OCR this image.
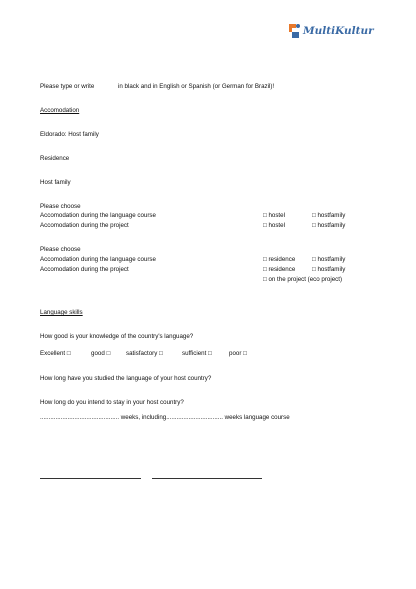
MultiKultur
Please type or write	in black and in English or Spanish (or German for Brazil)!
Accomodation
Eldorado: Host family
Residence
Host family
Please choose
Accomodation during the language course	□ hostel	□ hostfamily
Accomodation during the project	□ hostel	□ hostfamily
Please choose
Accomodation during the language course	□ residence	□ hostfamily
Accomodation during the project	□ residence	□ hostfamily
□ on the project (eco project)
Language skills
How good is your knowledge of the country's language?
Excellent □	good □	satisfactory □	sufficient □	poor □
How long have you studied the language of your host country?
How long do you intend to stay in your host country?
.............................................. weeks, including................................. weeks language course
